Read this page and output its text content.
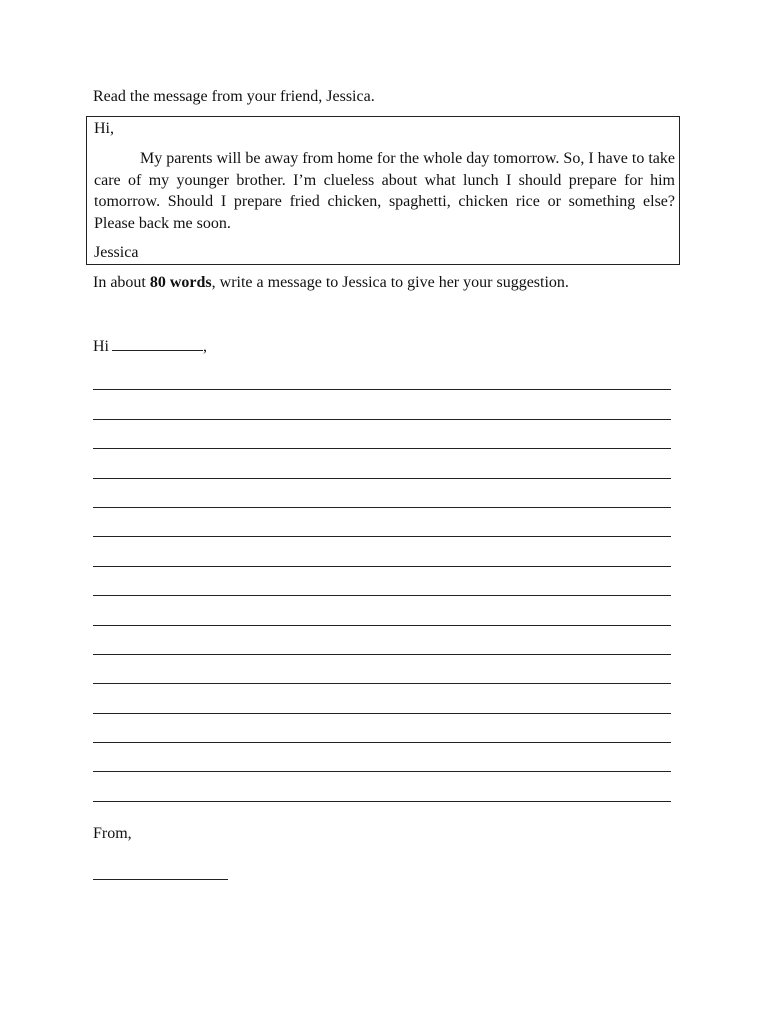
Read the message from your friend, Jessica.
Hi,
My parents will be away from home for the whole day tomorrow. So, I have to take care of my younger brother. I’m clueless about what lunch I should prepare for him tomorrow. Should I prepare fried chicken, spaghetti, chicken rice or something else? Please back me soon.
Jessica
In about 80 words, write a message to Jessica to give her your suggestion.
Hi	,
From,
